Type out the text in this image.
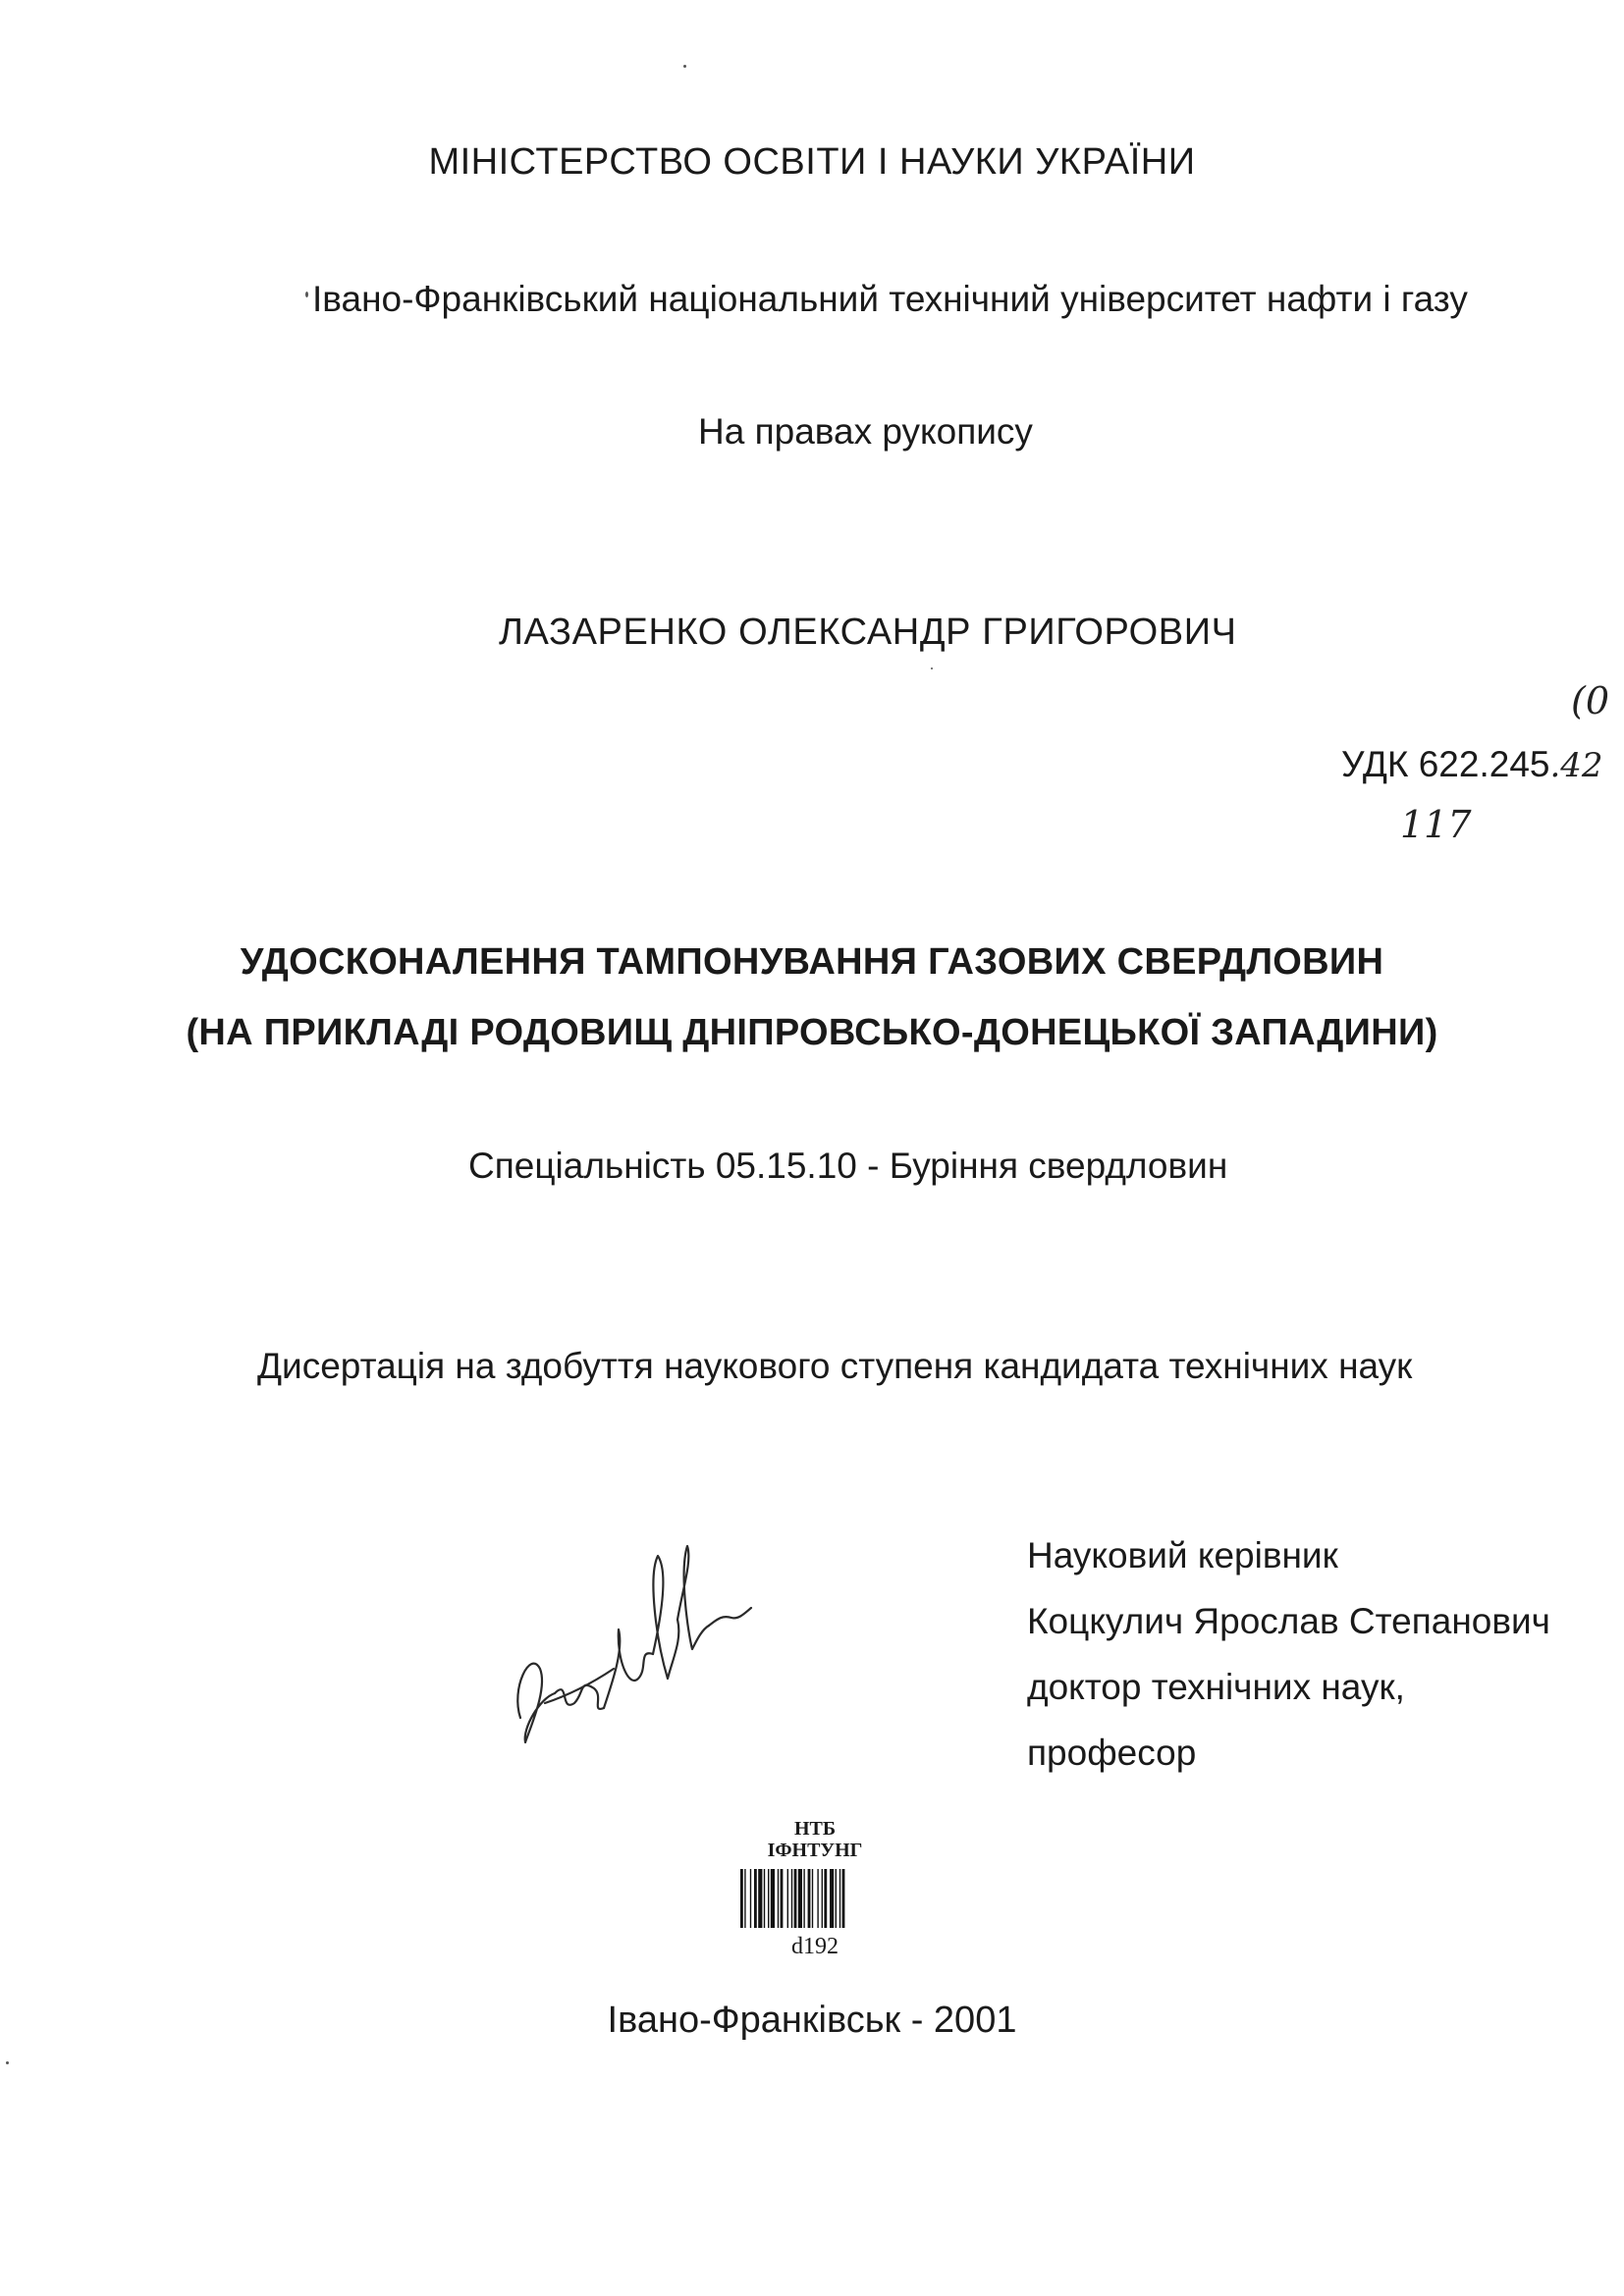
МІНІСТЕРСТВО ОСВІТИ І НАУКИ УКРАЇНИ
Івано-Франківський національний технічний університет нафти і газу
На правах рукопису
ЛАЗАРЕНКО ОЛЕКСАНДР ГРИГОРОВИЧ
(0
УДК 622.245.42
117
УДОСКОНАЛЕННЯ ТАМПОНУВАННЯ ГАЗОВИХ СВЕРДЛОВИН
(НА ПРИКЛАДІ РОДОВИЩ ДНІПРОВСЬКО-ДОНЕЦЬКОЇ ЗАПАДИНИ)
Спеціальність 05.15.10 - Буріння свердловин
Дисертація на здобуття наукового ступеня кандидата технічних наук
Науковий керівник
Коцкулич Ярослав Степанович
доктор технічних наук,
професор
НТБ
ІФНТУНГ
d192
Івано-Франківськ - 2001
